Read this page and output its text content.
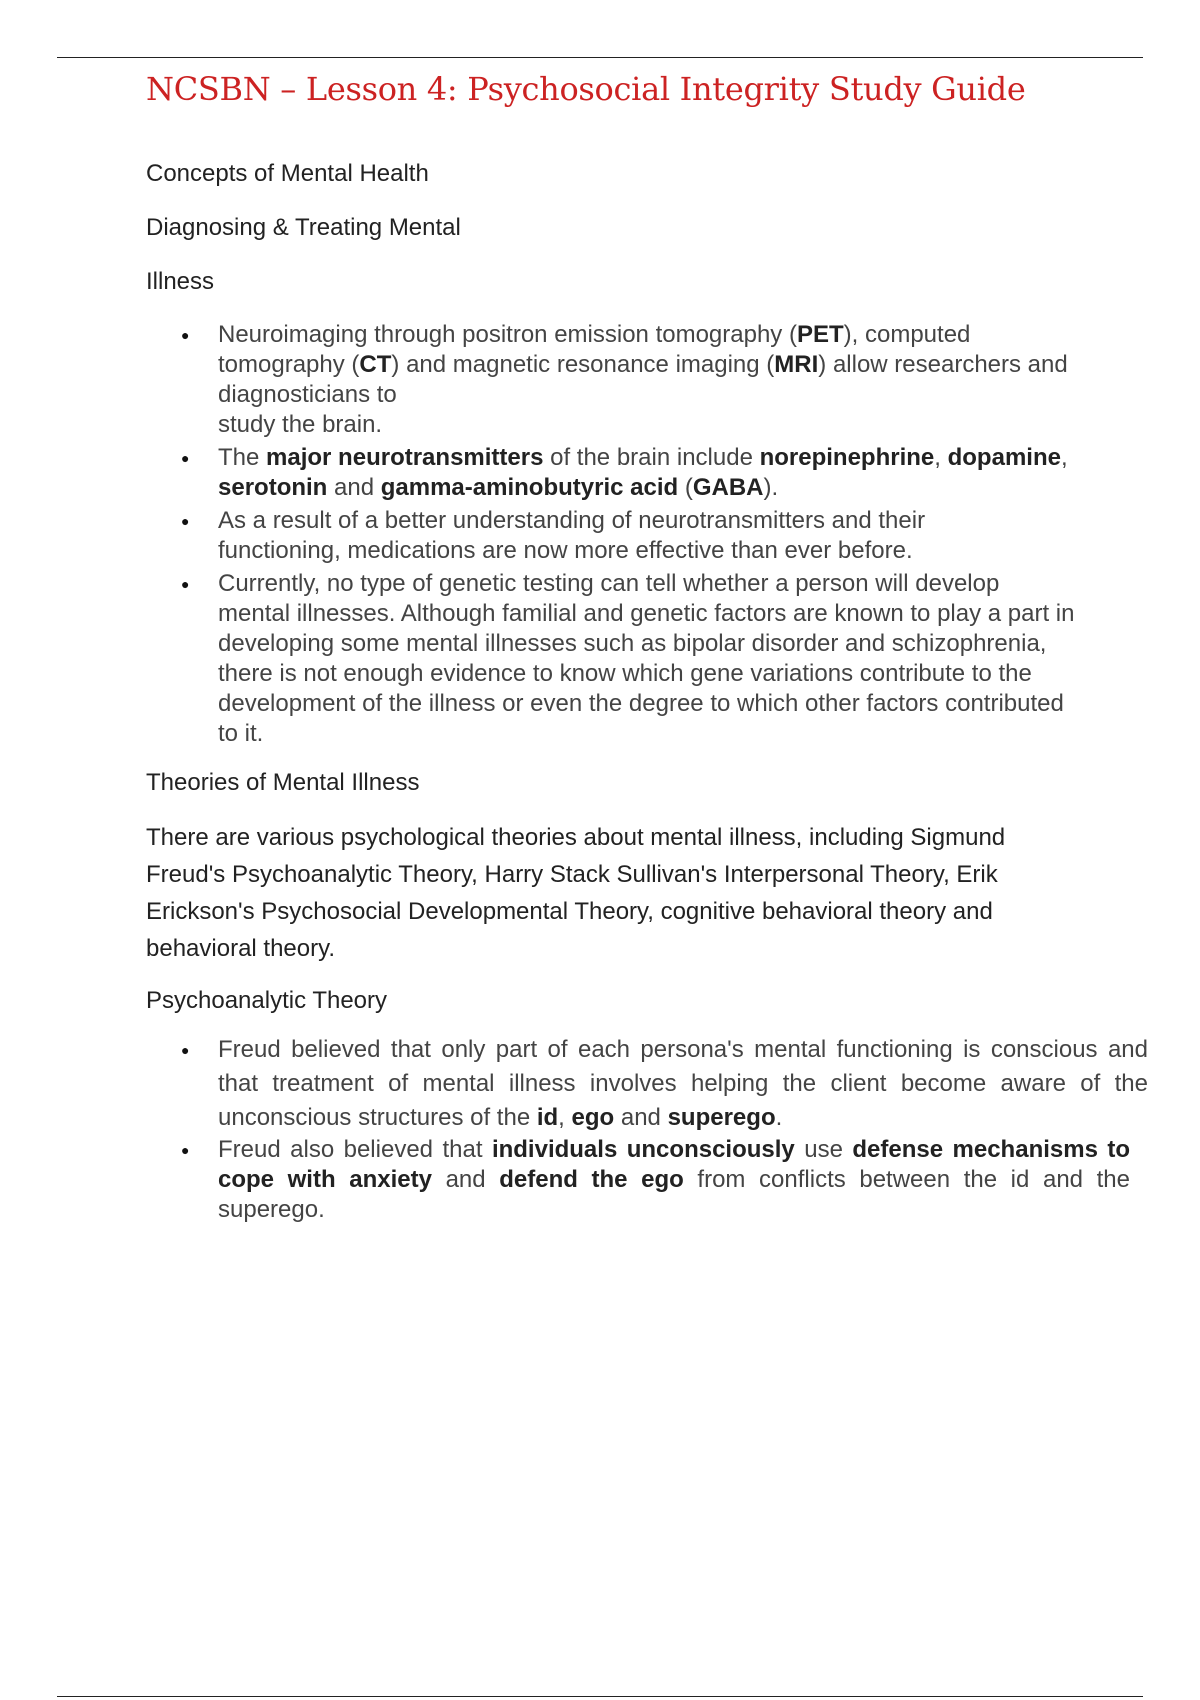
NCSBN – Lesson 4: Psychosocial Integrity Study Guide

Concepts of Mental Health

Diagnosing & Treating Mental

Illness

● Neuroimaging through positron emission tomography (PET), computed tomography (CT) and magnetic resonance imaging (MRI) allow researchers and diagnosticians to
study the brain.
● The major neurotransmitters of the brain include norepinephrine, dopamine, serotonin and gamma-aminobutyric acid (GABA).
● As a result of a better understanding of neurotransmitters and their functioning, medications are now more effective than ever before.
● Currently, no type of genetic testing can tell whether a person will develop mental illnesses. Although familial and genetic factors are known to play a part in developing some mental illnesses such as bipolar disorder and schizophrenia, there is not enough evidence to know which gene variations contribute to the development of the illness or even the degree to which other factors contributed to it.

Theories of Mental Illness

There are various psychological theories about mental illness, including Sigmund Freud's Psychoanalytic Theory, Harry Stack Sullivan's Interpersonal Theory, Erik Erickson's Psychosocial Developmental Theory, cognitive behavioral theory and behavioral theory.

Psychoanalytic Theory

● Freud believed that only part of each persona's mental functioning is conscious and that treatment of mental illness involves helping the client become aware of the unconscious structures of the id, ego and superego.
● Freud also believed that individuals unconsciously use defense mechanisms to cope with anxiety and defend the ego from conflicts between the id and the superego.
